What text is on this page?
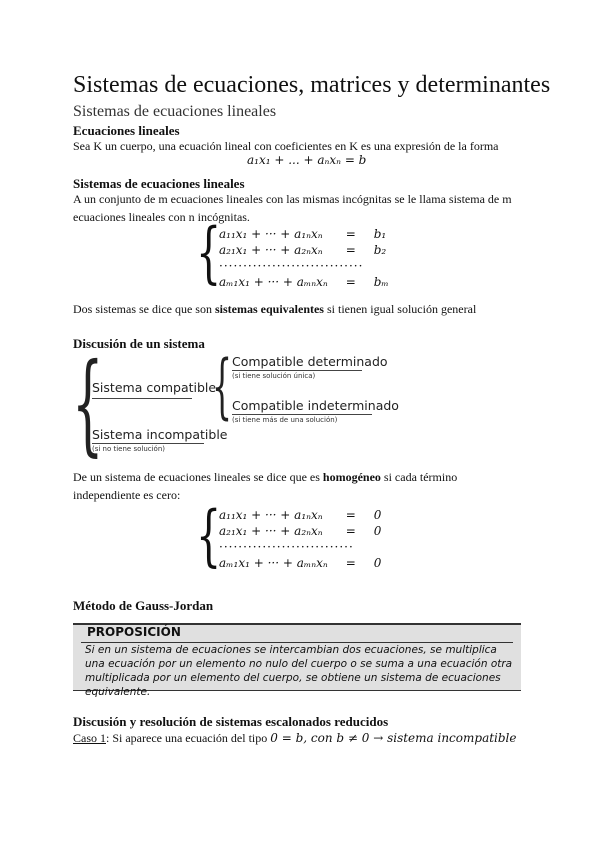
Sistemas de ecuaciones, matrices y determinantes
Sistemas de ecuaciones lineales
Ecuaciones lineales
Sea K un cuerpo, una ecuación lineal con coeficientes en K es una expresión de la forma
a₁x₁ + ... + aₙxₙ = b
Sistemas de ecuaciones lineales
A un conjunto de m ecuaciones lineales con las mismas incógnitas se le llama sistema de m ecuaciones lineales con n incógnitas.
{
a₁₁x₁ + ··· + a₁ₙxₙ	=	b₁
a₂₁x₁ + ··· + a₂ₙxₙ	=	b₂
······························		
aₘ₁x₁ + ··· + aₘₙxₙ	=	bₘ
Dos sistemas se dice que son sistemas equivalentes si tienen igual solución general
Discusión de un sistema
{
Sistema compatible
{ Compatible determinado
(si tiene solución única)
Compatible indeterminado
(si tiene más de una solución)
Sistema incompatible
(si no tiene solución)
De un sistema de ecuaciones lineales se dice que es homogéneo si cada término independiente es cero:
{
a₁₁x₁ + ··· + a₁ₙxₙ	=	0
a₂₁x₁ + ··· + a₂ₙxₙ	=	0
····························		
aₘ₁x₁ + ··· + aₘₙxₙ	=	0
Método de Gauss-Jordan
PROPOSICIÓN
Si en un sistema de ecuaciones se intercambian dos ecuaciones, se multiplica una ecuación por un elemento no nulo del cuerpo o se suma a una ecuación otra multiplicada por un elemento del cuerpo, se obtiene un sistema de ecuaciones equivalente.
Discusión y resolución de sistemas escalonados reducidos
Caso 1: Si aparece una ecuación del tipo 0 = b, con b ≠ 0 → sistema incompatible
